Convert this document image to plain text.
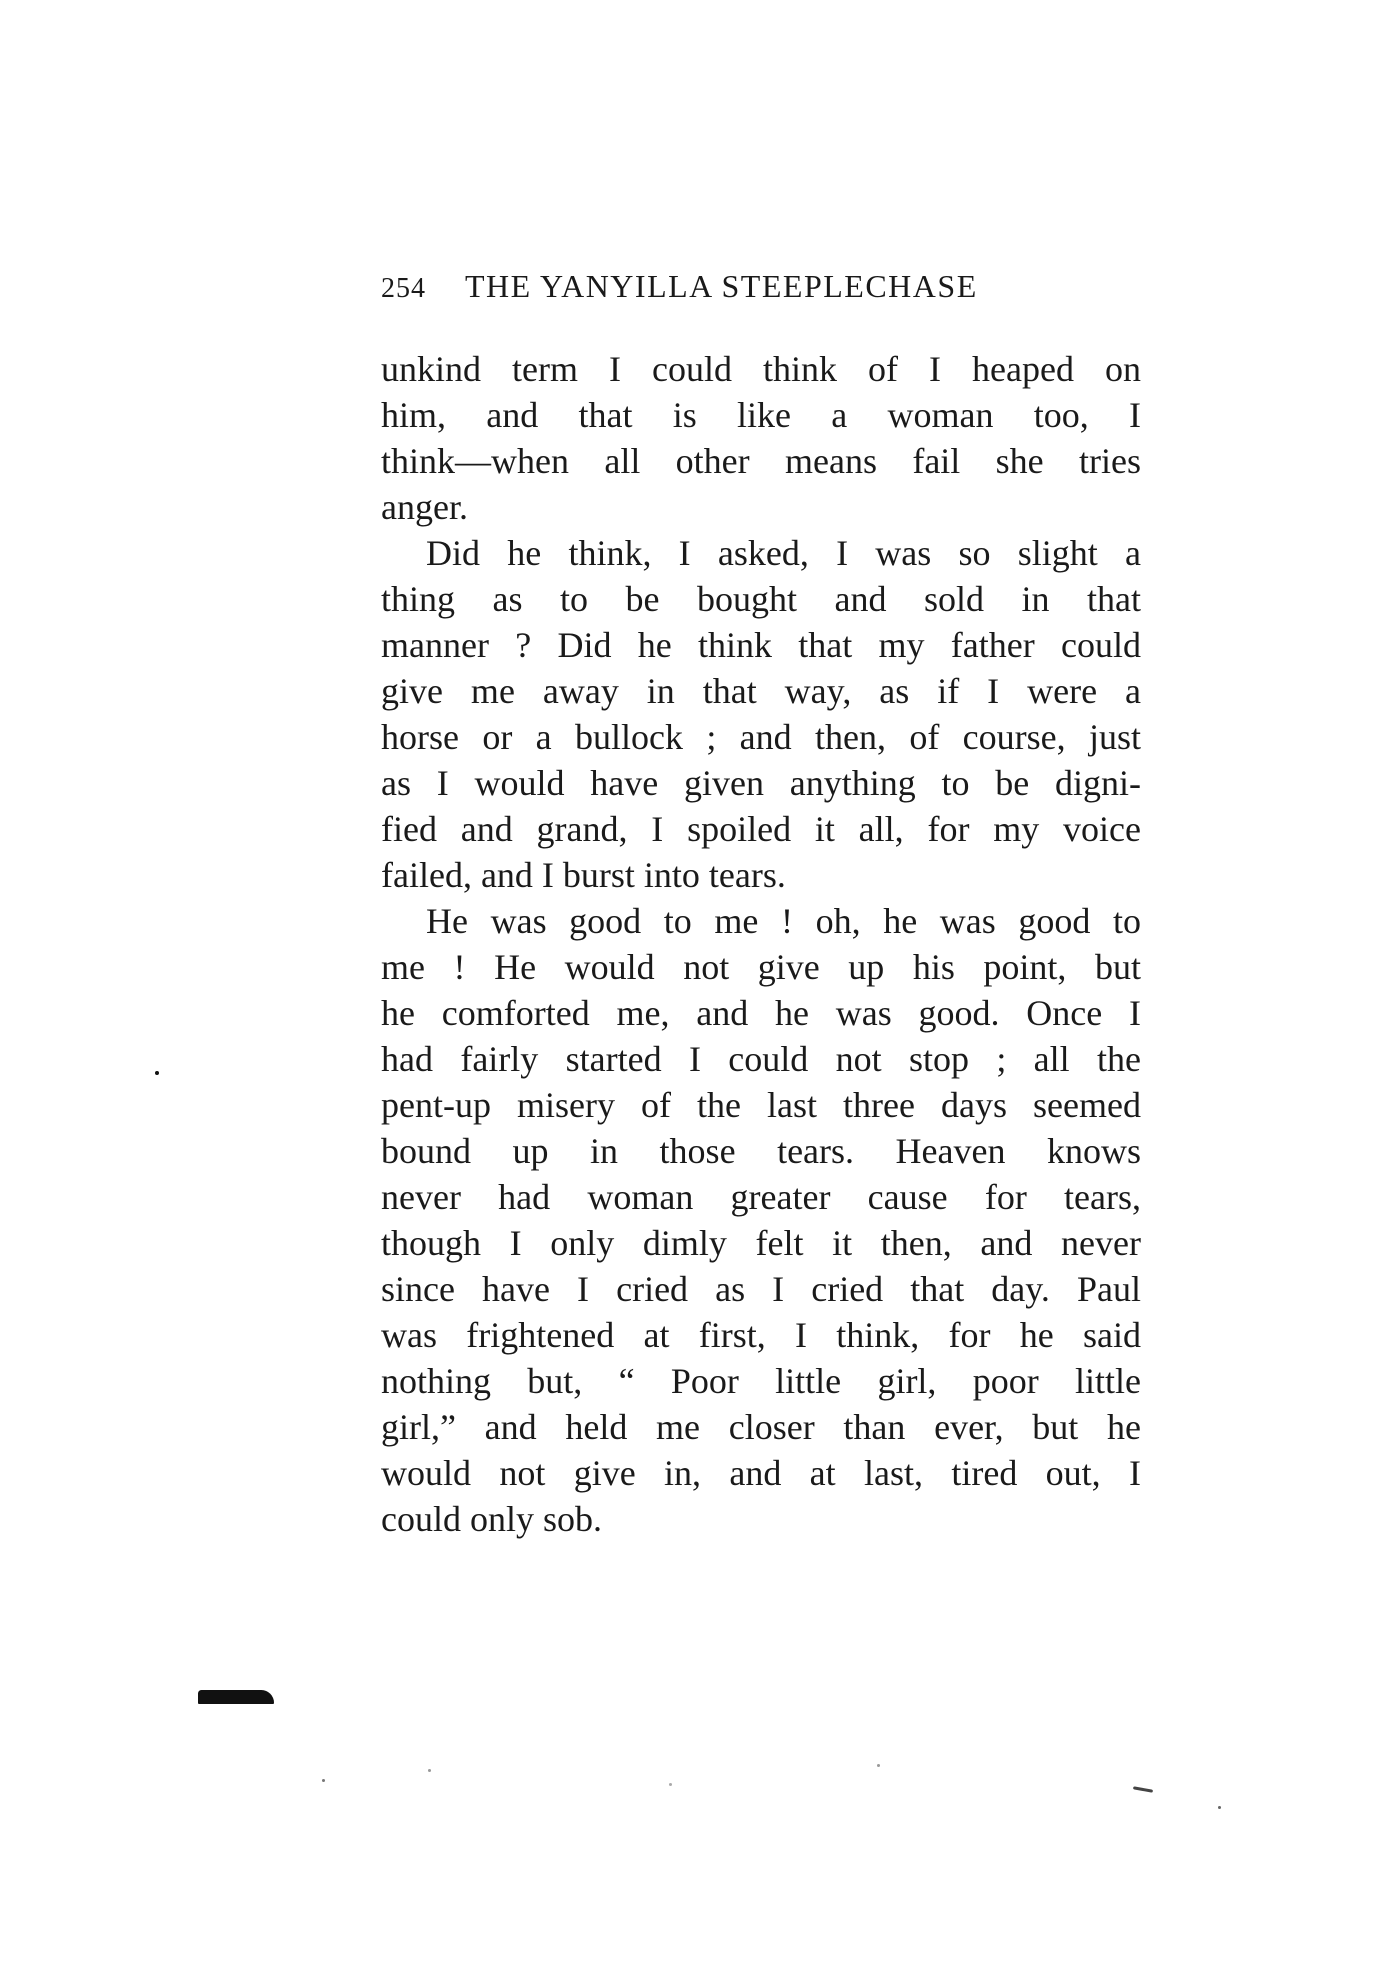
254 THE YANYILLA STEEPLECHASE
unkind term I could think of I heaped on
him, and that is like a woman too, I
think—when all other means fail she tries
anger.
Did he think, I asked, I was so slight a
thing as to be bought and sold in that
manner ? Did he think that my father could
give me away in that way, as if I were a
horse or a bullock ; and then, of course, just
as I would have given anything to be digni-
fied and grand, I spoiled it all, for my voice
failed, and I burst into tears.
He was good to me ! oh, he was good to
me ! He would not give up his point, but
he comforted me, and he was good. Once I
had fairly started I could not stop ; all the
pent-up misery of the last three days seemed
bound up in those tears. Heaven knows
never had woman greater cause for tears,
though I only dimly felt it then, and never
since have I cried as I cried that day. Paul
was frightened at first, I think, for he said
nothing but, “ Poor little girl, poor little
girl,” and held me closer than ever, but he
would not give in, and at last, tired out, I
could only sob.
